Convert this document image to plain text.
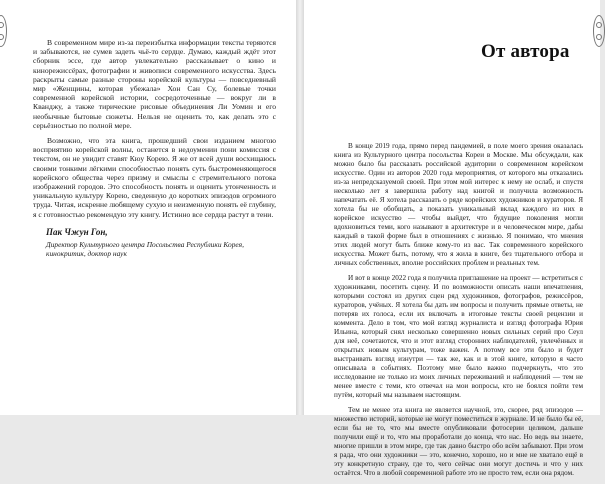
В современном мире из-за переизбытка информации тексты теряются и забываются, не сумев задеть чьё-то сердце. Думаю, каждый ждёт этот сборник эссе, где автор увлекательно рассказывает о кино и кинорежиссёрах, фотографии и живописи современного искусства. Здесь раскрыты самые разные стороны корейской культуры — повседневный мир «Женщины, которая убежала» Хон Сан Су, болевые точки современной корейской истории, сосредоточенные — вокруг ли в Кванджу, а также тирические рисовые объединения Ли Уомин и его необычные бытовые сюжеты. Нельзя не оценить то, как делать это с серьёзностью по полной мере.

Возможно, что эта книга, прошедший свои изданием многою восприятию корейской волны, останется в недоумении пони комиссия с текстом, он не увидит ставят Кюу Корею. Я же от всей души восхищаюсь своими тонкими лёгкими способностью понять суть быстроменяющегося корейского общества через призму и смыслы с стремительного потока изображений городов. Это способность понять и оценить утонченность и уникальную культуру Корею, сведенную до коротких эпизодов огромного труда. Читая, искренне любящему сухую и неизменную понять её глубину, я с готовностью рекомендую эту книгу. Истинно все сердца растут в тени.

Пак Чжун Гон,
Директор Культурного центра Посольства Республики Корея, кинокритик, доктор наук
От автора

В конце 2019 года, прямо перед пандемией, в поле моего зрения оказалась книга из Культурного центра посольства Кореи в Москве. Мы обсуждали, как можно было бы рассказать российской аудитории о современном корейском искусстве. Один из авторов 2020 года мероприятия, от которого мы отказались из-за непредсказуемой своей. При этом мой интерес к нему не ослаб, и спустя несколько лет я завершила работу над книгой и получила возможность напечатать её. Я хотела рассказать о ряде корейских художников и кураторов. Я хотела бы не обобщать, а показать уникальный вклад каждого из них в корейское искусство — чтобы выйдет, что будущие поколения могли вдохновиться теми, кого называют в архитектуре и в человеческом мире, дабы каждый в такой форме был в отношениях с жизнью. Я понимаю, что мнения этих людей могут быть ближе кому-то из вас. Так современного корейского искусства. Может быть, потому, что я жила в книге, без тщательного отбора и личных собственных, вполне российских проблем и реальных тем.

И вот в конце 2022 года я получила приглашение на проект — встретиться с художниками, посетить сцену. И по возможности описать наши впечатления, которыми состоял из других сцен ряд художников, фотографов, режиссёров, кураторов, учёных. Я хотела бы дать им вопросы и получить прямые ответы, не потеряв их голоса, если их включать в итоговые тексты своей рецензии и коммента. Дело в том, что мой взгляд журналиста и взгляд фотографа Юрия Ильина, который снял несколько совершенно новых сильных серий про Сеул для неё, сочетаются, что и этот взгляд сторонних наблюдателей, увлечённых и открытых новым культурам, тоже важен. А потому все эти было и будет выстраивать взгляд изнутри — так же, как и в этой книге, которую я часто описывала в событиях. Поэтому мне было важно подчеркнуть, что это исследование не только из моих личных переживаний и наблюдений — тем не менее вместе с теми, кто отвечал на мои вопросы, кто не боялся пойти тем путём, который мы называем настоящим.

Тем не менее эта книга не является научной, это, скорее, ряд эпизодов — множество историй, которые не могут поместиться в журнале. И не было бы её, если бы не то, что мы вместе опубликовали фотосерии целиком, дальше получили ещё и то, что мы проработали до конца, что нас. Но ведь вы знаете, многие пришли в этом мире, где так давно быстро обо всём забывают. При этом я рада, что они художники — это, конечно, хорошо, но и мне не хватало ещё в эту конкретную страну, где то, чего сейчас они могут достичь и что у них остаётся. Что в любой современной работе это не просто тем, если она рядом.
